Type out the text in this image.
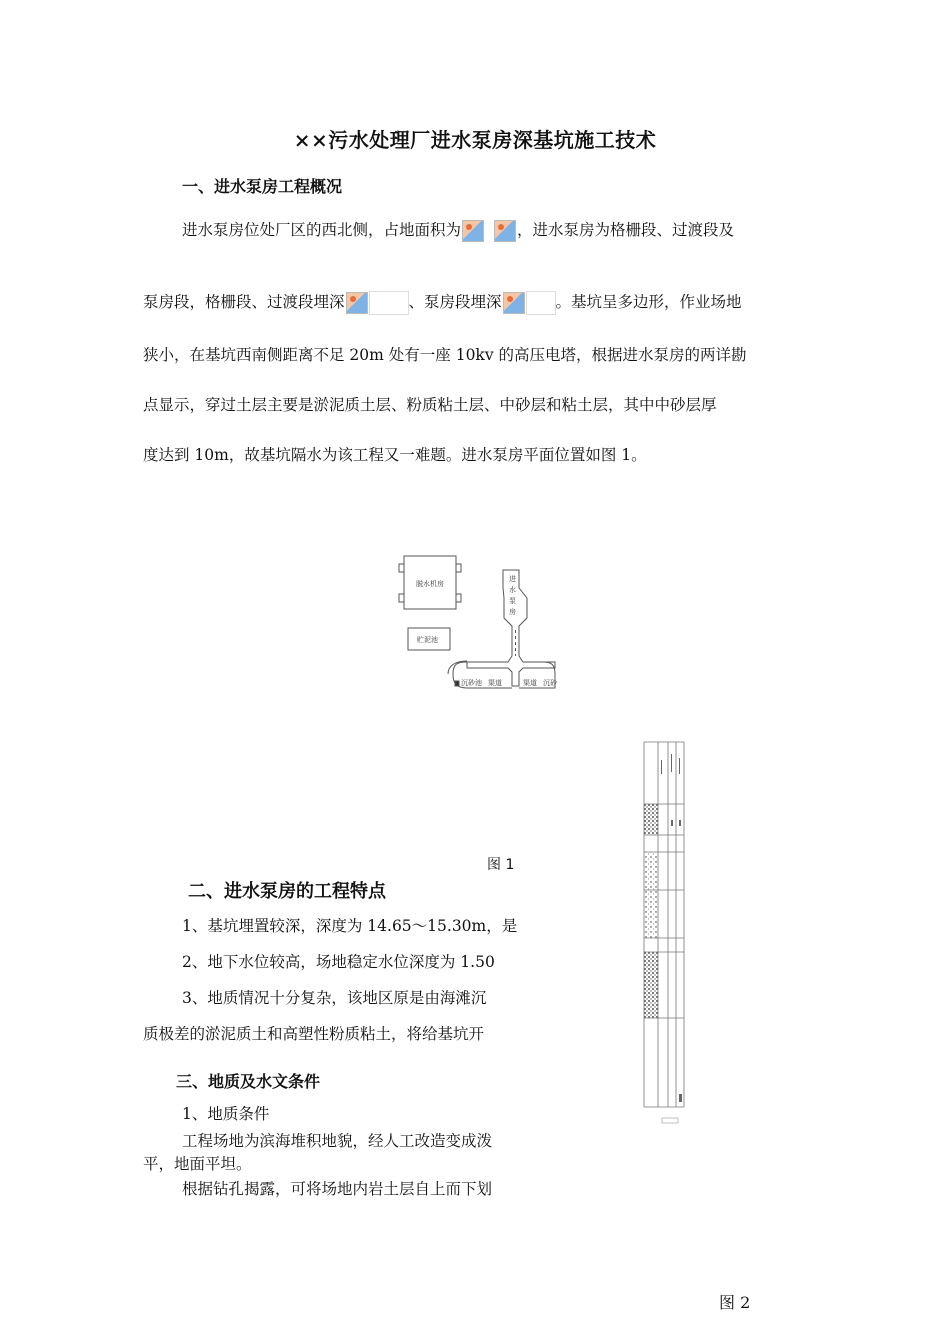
××污水处理厂进水泵房深基坑施工技术
一、进水泵房工程概况
进水泵房位处厂区的西北侧，占地面积为	，进水泵房为格栅段、过渡段及
泵房段，格栅段、过渡段埋深	、泵房段埋深	。基坑呈多边形，作业场地
狭小，在基坑西南侧距离不足 20m 处有一座 10kv 的高压电塔，根据进水泵房的两详勘
点显示，穿过土层主要是淤泥质土层、粉质粘土层、中砂层和粘土层，其中中砂层厚
度达到 10m，故基坑隔水为该工程又一难题。进水泵房平面位置如图 1。
脱水机房
贮泥池
进
水
泵
房
沉砂池 渠道	渠道 沉砂
图 1
二、进水泵房的工程特点
1、基坑埋置较深，深度为 14.65～15.30m，是
2、地下水位较高，场地稳定水位深度为 1.50
3、地质情况十分复杂，该地区原是由海滩沉
质极差的淤泥质土和高塑性粉质粘土，将给基坑开
三、地质及水文条件
1、地质条件
工程场地为滨海堆积地貌，经人工改造变成泼
平，地面平坦。
根据钻孔揭露，可将场地内岩土层自上而下划
图 2
